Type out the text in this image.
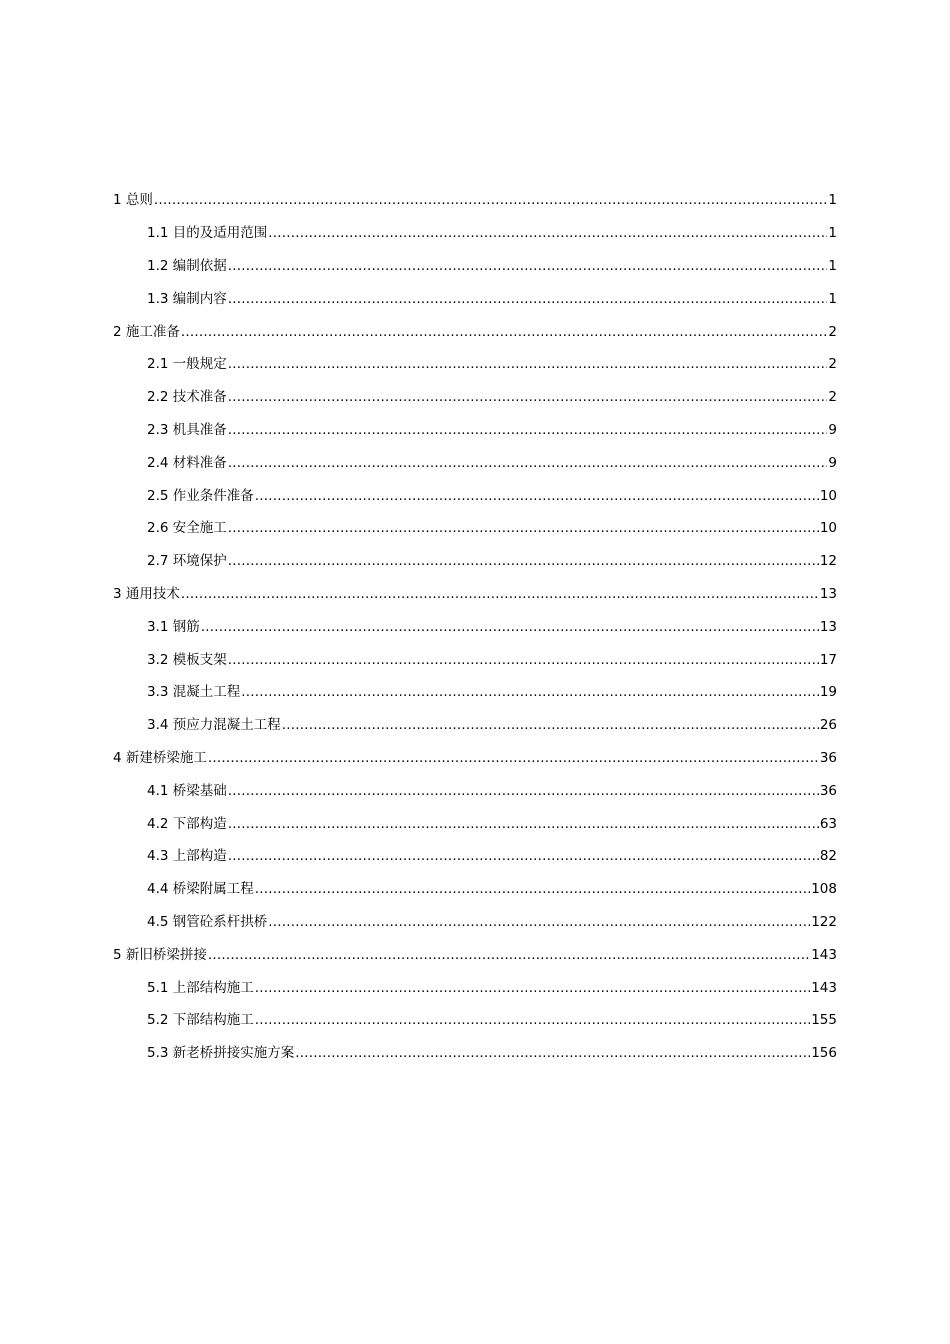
1 总则 .....	1
1.1 目的及适用范围 .....	1
1.2 编制依据 .....	1
1.3 编制内容 .....	1
2 施工准备 .....	2
2.1 一般规定 .....	2
2.2 技术准备 .....	2
2.3 机具准备 .....	9
2.4 材料准备 .....	9
2.5 作业条件准备 .....	10
2.6 安全施工 .....	10
2.7 环境保护 .....	12
3 通用技术 .....	13
3.1 钢筋 .....	13
3.2 模板支架 .....	17
3.3 混凝土工程 .....	19
3.4 预应力混凝土工程 .....	26
4 新建桥梁施工 .....	36
4.1 桥梁基础 .....	36
4.2 下部构造 .....	63
4.3 上部构造 .....	82
4.4 桥梁附属工程 .....	108
4.5 钢管砼系杆拱桥 .....	122
5 新旧桥梁拼接 .....	143
5.1 上部结构施工 .....	143
5.2 下部结构施工 .....	155
5.3 新老桥拼接实施方案 .....	156
